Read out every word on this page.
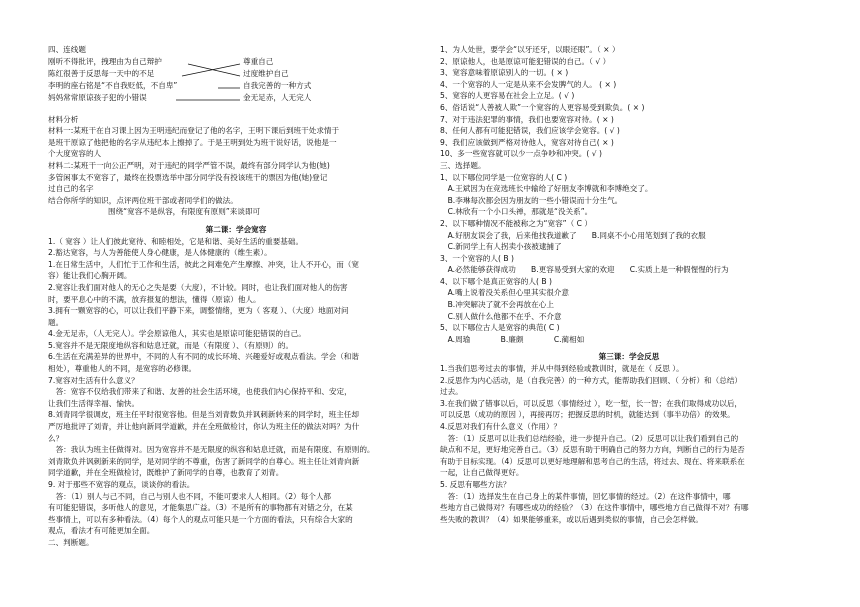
四、连线题
刚听不得批评，拽理由为自己辩护
陈红很善于反思每一天中的不足
李明的座右铭是“不自我贬低，不自卑”
妈妈常常原谅孩子犯的小错误
尊重自己
过度维护自己
自我完善的一种方式
金无足赤，人无完人
材料分析
材料一:某班干在自习课上因为王明违纪而登记了他的名字，王明下课后到班干处求情于
是班干原谅了他把他的名字从违纪本上擦掉了。于是王明到处为班干说好话，说他是一
个大度宽容的人
材料二:某班干一向公正严明，对于违纪的同学严管不误，最终有部分同学认为他(她)
多管闲事太不宽容了，最终在投票选举中部分同学没有投该班干的票因为他(她)登记
过自己的名字
结合你所学的知识，点评两位班干部或者同学们的做法。
围绕“宽容不是纵容，有限度有原则”来谈即可
第二课：学会宽容
1.（ 宽容 ）让人们彼此宽待、和睦相处，它是和谐、美好生活的重要基础。
2.豁达宽容，与人为善能使人身心健康，是人体健康的（维生素）。
1.在日常生活中，人们忙于工作和生活，彼此之间难免产生摩擦、冲突，让人不开心，而（宽
容）能让我们心胸开阔。
2.宽容让我们面对他人的无心之失是要（大度），不计较。同时，也让我们面对他人的伤害
时，要平息心中的不满，放弃报复的想法，懂得（原谅）他人。
3.拥有一颗宽容的心，可以让我们平静下来，调整情绪，更为（ 客观 ）、（大度）地面对问
题。
4.金无足赤，（人无完人）。学会原谅他人，其实也是原谅可能犯错误的自己。
5.宽容并不是无限度地纵容和姑息迁就，而是（有限度 ）、（有原则）的。
6.生活在充满差异的世界中，不同的人有不同的成长环境、兴趣爱好或观点看法。学会（和谐
相处），尊重他人的不同，是宽容的必修课。
7.宽容对生活有什么意义？
　答：宽容不仅给我们带来了和谐、友善的社会生活环境，也使我们内心保持平和、安定，
让我们生活得幸福、愉快。
8.刘青同学很调皮，班主任平时很宽容他。但是当刘青数负并讽刺新转来的同学时，班主任却
严厉地批评了刘青，并让他向新同学道歉，并在全班做检讨，你认为班主任的做法对吗？为什
么？
　答：我认为班主任做得对。因为宽容并不是无限度的纵容和姑息迁就，而是有限度、有原则的。
刘青欺负并讽刺新来的同学，是对同学的不尊重，伤害了新同学的自尊心。班主任让刘青向新
同学道歉，并在全班做检讨，既维护了新同学的自尊，也教育了刘青。
9. 对于那些不宽容的观点，谈谈你的看法。
　答：（1）别人与己不同，自己与别人也不同，不能可要求人人相同。（2）每个人都
有可能犯错误，多听他人的意见，才能集思广益。（3）不是所有的事物都有对错之分，在某
些事情上，可以有多种看法。（4）每个人的观点可能只是一个方面的看法，只有综合大家的
观点，看法才有可能更加全面。
二、判断题。
1、为人处世，要学会“以牙还牙，以眼还眼”。（ × ）
2、原谅他人，也是原谅可能犯错误的自己。（ √ ）
3、宽容意味着原谅别人的一切。( × )
4、一个宽容的人一定是从来不会发脾气的人。 ( × )
5、宽容的人更容易在社会上立足。( √ )
6、俗话说“人善被人欺”一个宽容的人更容易受到欺负。( × )
7、对于违法犯罪的事情，我们也要宽容对待。( × )
8、任何人都有可能犯错误，我们应该学会宽容。( √ )
9、我们应该做到严格对待他人，宽容对待自己( × )
10、多一些宽容就可以少一点争吵和冲突。( √ )
三、选择题。
1、以下哪位同学是一位宽容的人( C )
　A.王斌因为在竞选班长中输给了好朋友李博就和李博绝交了。
　B.李琳每次都会因为朋友的一些小错误而十分生气。
　C.林欣有一个小口头禅，那就是“没关系”。
2、以下哪种情况不能被称之为“宽容”（ C ）
　A.好朋友误会了我，后来他找我道歉了　　B.同桌不小心用笔划到了我的衣服
　C.新同学上有人拐卖小孩被逮捕了
3、一个宽容的人( B )
　A.必然能够获得成功　　B.更容易受到大家的欢迎　　C.实质上是一种假惺惺的行为
4、以下哪个是真正宽容的人( B )
　A.嘴上说着没关系但心里其实很介意
　B.冲突解决了就不会再放在心上
　C.别人做什么他都不在乎、不介意
5、以下哪位古人是宽容的典范( C )
　A.周瑜　　　　B.廉颇　　　　C.蔺相如
第三课：学会反思
1.当我们思考过去的事情，并从中得到经验或教训时，就是在（ 反思 ）。
2.反思作为内心活动，是（自我完善）的一种方式，能帮助我们回顾、（ 分析）和（总结）
过去。
3.在我们做了错事以后，可以反思（事情经过 ），吃一堑，长一智；在我们取得成功以后，
可以反思（成功的原因 ），再接再厉；把握反思的时机，就能达到（事半功倍）的效果。
4.反思对我们有什么意义（作用）？
　答：（1）反思可以让我们总结经验，进一步提升自己。（2）反思可以让我们看到自己的
缺点和不足，更好地完善自己。（3）反思有助于明确自己的努力方向，判断自己的行为是否
有助于目标实现。（4）反思可以更好地理解和思考自己的生活，将过去、现在、将来联系在
一起，让自己做得更好。
5. 反思有哪些方法？
　答：（1）选择发生在自己身上的某件事情，回忆事情的经过。（2）在这件事情中，哪
些地方自己做得对？有哪些成功的经验？（3）在这件事情中，哪些地方自己做得不对？有哪
些失败的教训？（4）如果能够重来，或以后遇到类似的事情，自己会怎样做。
